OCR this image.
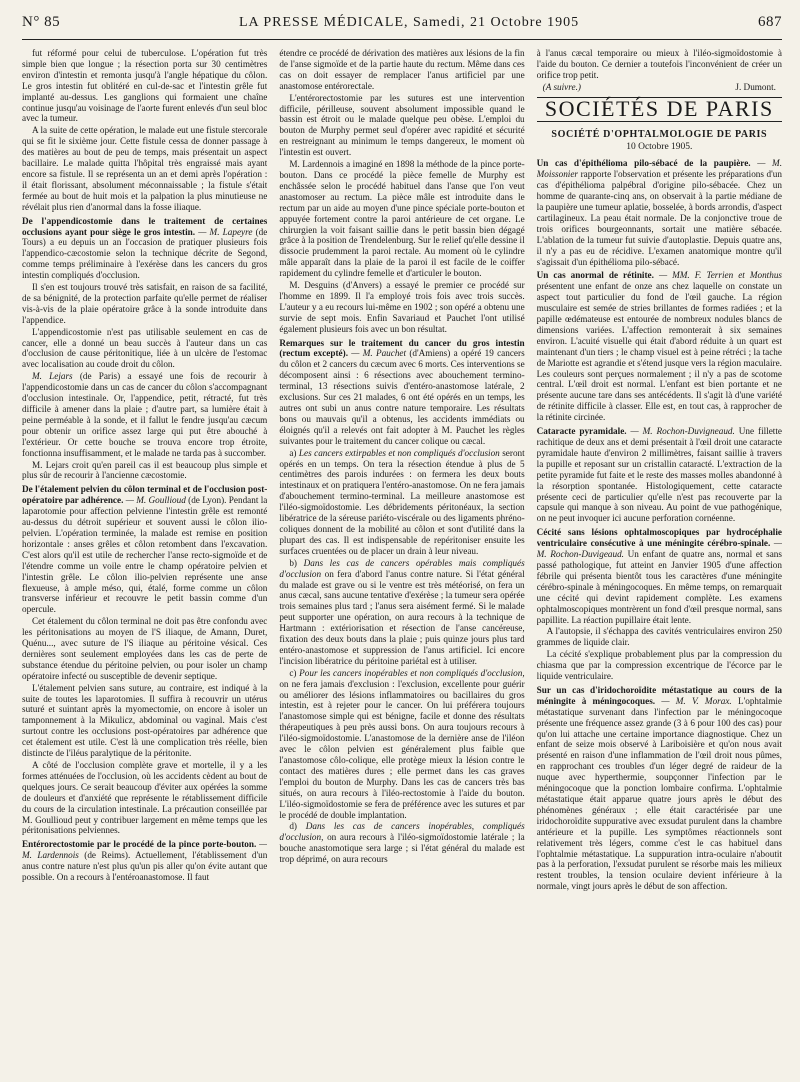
N° 85	LA PRESSE MÉDICALE, Samedi, 21 Octobre 1905	687

fut réformé pour celui de tuberculose. L'opération fut très simple bien que longue ; la résection porta sur 30 centimètres environ d'intestin et remonta jusqu'à l'angle hépatique du côlon. Le gros intestin fut oblitéré en cul-de-sac et l'intestin grêle fut implanté au-dessus. Les ganglions qui formaient une chaîne continue jusqu'au voisinage de l'aorte furent enlevés d'un seul bloc avec la tumeur.

A la suite de cette opération, le malade eut une fistule stercorale qui se fit le sixième jour. Cette fistule cessa de donner passage à des matières au bout de peu de temps, mais présentait un aspect bacillaire. Le malade quitta l'hôpital très engraissé mais ayant encore sa fistule. Il se représenta un an et demi après l'opération : il était florissant, absolument méconnaissable ; la fistule s'était fermée au bout de huit mois et la palpation la plus minutieuse ne révélait plus rien d'anormal dans la fosse iliaque.

De l'appendicostomie dans le traitement de certaines occlusions ayant pour siège le gros intestin. — M. Lapeyre (de Tours) a eu depuis un an l'occasion de pratiquer plusieurs fois l'appendico-cæcostomie selon la technique décrite de Segond, comme temps préliminaire à l'exérèse dans les cancers du gros intestin compliqués d'occlusion.

Il s'en est toujours trouvé très satisfait, en raison de sa facilité, de sa bénignité, de la protection parfaite qu'elle permet de réaliser vis-à-vis de la plaie opératoire grâce à la sonde introduite dans l'appendice.

L'appendicostomie n'est pas utilisable seulement en cas de cancer, elle a donné un beau succès à l'auteur dans un cas d'occlusion de cause péritonitique, liée à un ulcère de l'estomac avec localisation au coude droit du côlon.

M. Lejars (de Paris) a essayé une fois de recourir à l'appendicostomie dans un cas de cancer du côlon s'accompagnant d'occlusion intestinale. Or, l'appendice, petit, rétracté, fut très difficile à amener dans la plaie ; d'autre part, sa lumière était à peine perméable à la sonde, et il fallut le fendre jusqu'au cæcum pour obtenir un orifice assez large qui put être abouché à l'extérieur. Or cette bouche se trouva encore trop étroite, fonctionna insuffisamment, et le malade ne tarda pas à succomber.

M. Lejars croit qu'en pareil cas il est beaucoup plus simple et plus sûr de recourir à l'ancienne cæcostomie.

De l'étalement pelvien du côlon terminal et de l'occlusion post-opératoire par adhérence. — M. Goullioud (de Lyon). Pendant la laparotomie pour affection pelvienne l'intestin grêle est remonté au-dessus du détroit supérieur et souvent aussi le côlon ilio-pelvien. L'opération terminée, la malade est remise en position horizontale : anses grêles et côlon retombent dans l'excavation. C'est alors qu'il est utile de rechercher l'anse recto-sigmoïde et de l'étendre comme un voile entre le champ opératoire pelvien et l'intestin grêle. Le côlon ilio-pelvien représente une anse flexueuse, à ample méso, qui, étalé, forme comme un côlon transverse inférieur et recouvre le petit bassin comme d'un opercule.

Cet étalement du côlon terminal ne doit pas être confondu avec les péritonisations au moyen de l'S iliaque, de Amann, Duret, Quénu..., avec suture de l'S iliaque au péritoine vésical. Ces dernières sont seulement employées dans les cas de perte de substance étendue du péritoine pelvien, ou pour isoler un champ opératoire infecté ou susceptible de devenir septique.

L'étalement pelvien sans suture, au contraire, est indiqué à la suite de toutes les laparotomies. Il suffira à recouvrir un utérus suturé et suintant après la myomectomie, on encore à isoler un tamponnement à la Mikulicz, abdominal ou vaginal. Mais c'est surtout contre les occlusions post-opératoires par adhérence que cet étalement est utile. C'est là une complication très réelle, bien distincte de l'iléus paralytique de la péritonite.

A côté de l'occlusion complète grave et mortelle, il y a les formes atténuées de l'occlusion, où les accidents cèdent au bout de quelques jours. Ce serait beaucoup d'éviter aux opérées la somme de douleurs et d'anxiété que représente le rétablissement difficile du cours de la circulation intestinale. La précaution conseillée par M. Goullioud peut y contribuer largement en même temps que les péritonisations pelviennes.

Entérorectostomie par le procédé de la pince porte-bouton. — M. Lardennois (de Reims). Actuellement, l'établissement d'un anus contre nature n'est plus qu'un pis aller qu'on évite autant que possible. On a recours à l'entéroanastomose. Il faut

étendre ce procédé de dérivation des matières aux lésions de la fin de l'anse sigmoïde et de la partie haute du rectum. Même dans ces cas on doit essayer de remplacer l'anus artificiel par une anastomose entérorectale.

L'entérorectostomie par les sutures est une intervention difficile, périlleuse, souvent absolument impossible quand le bassin est étroit ou le malade quelque peu obèse. L'emploi du bouton de Murphy permet seul d'opérer avec rapidité et sécurité en restreignant au minimum le temps dangereux, le moment où l'intestin est ouvert.

M. Lardennois a imaginé en 1898 la méthode de la pince porte-bouton. Dans ce procédé la pièce femelle de Murphy est enchâssée selon le procédé habituel dans l'anse que l'on veut anastomoser au rectum. La pièce mâle est introduite dans le rectum par un aide au moyen d'une pince spéciale porte-bouton et appuyée fortement contre la paroi antérieure de cet organe. Le chirurgien la voit faisant saillie dans le petit bassin bien dégagé grâce à la position de Trendelenburg. Sur le relief qu'elle dessine il dissocie prudemment la paroi rectale. Au moment où le cylindre mâle apparaît dans la plaie de la paroi il est facile de le coiffer rapidement du cylindre femelle et d'articuler le bouton.

M. Desguins (d'Anvers) a essayé le premier ce procédé sur l'homme en 1899. Il l'a employé trois fois avec trois succès. L'auteur y a eu recours lui-même en 1902 ; son opéré a obtenu une survie de sept mois. Enfin Savariaud et Pauchet l'ont utilisé également plusieurs fois avec un bon résultat.

Remarques sur le traitement du cancer du gros intestin (rectum excepté). — M. Pauchet (d'Amiens) a opéré 19 cancers du côlon et 2 cancers du cæcum avec 6 morts. Ces interventions se décomposent ainsi : 6 résections avec abouchement termino-terminal, 13 résections suivis d'entéro-anastomose latérale, 2 exclusions. Sur ces 21 malades, 6 ont été opérés en un temps, les autres ont subi un anus contre nature temporaire. Les résultats bons ou mauvais qu'il a obtenus, les accidents immédiats ou éloignés qu'il a relevés ont fait adopter à M. Pauchet les règles suivantes pour le traitement du cancer colique ou cæcal.

a) Les cancers extirpables et non compliqués d'occlusion seront opérés en un temps. On tera la résection étendue à plus de 5 centimètres des parois indurées : on fermera les deux bouts intestinaux et on pratiquera l'entéro-anastomose. On ne fera jamais d'abouchement termino-terminal. La meilleure anastomose est l'iléo-sigmoïdostomie. Les débridements péritonéaux, la section libératrice de la séreuse pariéto-viscérale ou des ligaments phréno-coliques donnent de la mobilité au côlon et sont d'utilité dans la plupart des cas. Il est indispensable de repéritoniser ensuite les surfaces cruentées ou de placer un drain à leur niveau.

b) Dans les cas de cancers opérables mais compliqués d'occlusion on fera d'abord l'anus contre nature. Si l'état général du malade est grave ou si le ventre est très météorisé, on fera un anus cæcal, sans aucune tentative d'exérèse ; la tumeur sera opérée trois semaines plus tard ; l'anus sera aisément fermé. Si le malade peut supporter une opération, on aura recours à la technique de Hartmann : extériorisation et résection de l'anse cancéreuse, fixation des deux bouts dans la plaie ; puis quinze jours plus tard entéro-anastomose et suppression de l'anus artificiel. Ici encore l'incision libératrice du péritoine pariétal est à utiliser.

c) Pour les cancers inopérables et non compliqués d'occlusion, on ne fera jamais d'exclusion : l'exclusion, excellente pour guérir ou améliorer des lésions inflammatoires ou bacillaires du gros intestin, est à rejeter pour le cancer. On lui préférera toujours l'anastomose simple qui est bénigne, facile et donne des résultats thérapeutiques à peu près aussi bons. On aura toujours recours à l'iléo-sigmoïdostomie. L'anastomose de la dernière anse de l'iléon avec le côlon pelvien est généralement plus faible que l'anastomose côlo-colique, elle protège mieux la lésion contre le contact des matières dures ; elle permet dans les cas graves l'emploi du bouton de Murphy. Dans les cas de cancers très bas situés, on aura recours à l'iléo-rectostomie à l'aide du bouton. L'iléo-sigmoïdostomie se fera de préférence avec les sutures et par le procédé de double implantation.

d) Dans les cas de cancers inopérables, compliqués d'occlusion, on aura recours à l'iléo-sigmoïdostomie latérale ; la bouche anastomotique sera large ; si l'état général du malade est trop déprimé, on aura recours

à l'anus cæcal temporaire ou mieux à l'iléo-sigmoïdostomie à l'aide du bouton. Ce dernier a toutefois l'inconvénient de créer un orifice trop petit.

(A suivre.)	J. Dumont.
SOCIÉTÉS DE PARIS
SOCIÉTÉ D'OPHTALMOLOGIE DE PARIS
10 Octobre 1905.

Un cas d'épithélioma pilo-sébacé de la paupière. — M. Moissonier rapporte l'observation et présente les préparations d'un cas d'épithélioma palpébral d'origine pilo-sébacée. Chez un homme de quarante-cinq ans, on observait à la partie médiane de la paupière une tumeur aplatie, bosselée, à bords arrondis, d'aspect cartilagineux. La peau était normale. De la conjonctive troue de trois orifices bourgeonnants, sortait une matière sébacée. L'ablation de la tumeur fut suivie d'autoplastie. Depuis quatre ans, il n'y a pas eu de récidive. L'examen anatomique montre qu'il s'agissait d'un épithélioma pilo-sébacé.

Un cas anormal de rétinite. — MM. F. Terrien et Monthus présentent une enfant de onze ans chez laquelle on constate un aspect tout particulier du fond de l'œil gauche. La région musculaire est semée de stries brillantes de formes radiées ; et la papille œdémateuse est entourée de nombreux nodules blancs de dimensions variées. L'affection remonterait à six semaines environ. L'acuité visuelle qui était d'abord réduite à un quart est maintenant d'un tiers ; le champ visuel est à peine rétréci ; la tache de Mariotte est agrandie et s'étend jusque vers la région maculaire. Les couleurs sont perçues normalement ; il n'y a pas de scotome central. L'œil droit est normal. L'enfant est bien portante et ne présente aucune tare dans ses antécédents. Il s'agit là d'une variété de rétinite difficile à classer. Elle est, en tout cas, à rapprocher de la rétinite circinée.

Cataracte pyramidale. — M. Rochon-Duvigneaud. Une fillette rachitique de deux ans et demi présentait à l'œil droit une cataracte pyramidale haute d'environ 2 millimètres, faisant saillie à travers la pupille et reposant sur un cristallin cataracté. L'extraction de la petite pyramide fut faite et le reste des masses molles abandonné à la résorption spontanée. Histologiquement, cette cataracte présente ceci de particulier qu'elle n'est pas recouverte par la capsule qui manque à son niveau. Au point de vue pathogénique, on ne peut invoquer ici aucune perforation cornéenne.

Cécité sans lésions ophtalmoscopiques par hydrocéphalie ventriculaire consécutive à une méningite cérébro-spinale. — M. Rochon-Duvigeaud. Un enfant de quatre ans, normal et sans passé pathologique, fut atteint en Janvier 1905 d'une affection fébrile qui présenta bientôt tous les caractères d'une méningite cérébro-spinale à méningocoques. En même temps, on remarquait une cécité qui devint rapidement complète. Les examens ophtalmoscopiques montrèrent un fond d'œil presque normal, sans papillite. La réaction pupillaire était lente.

A l'autopsie, il s'échappa des cavités ventriculaires environ 250 grammes de liquide clair.

La cécité s'explique probablement plus par la compression du chiasma que par la compression excentrique de l'écorce par le liquide ventriculaire.

Sur un cas d'iridochoroïdite métastatique au cours de la méningite à méningocoques. — M. V. Morax. L'ophtalmie métastatique survenant dans l'infection par le méningocoque présente une fréquence assez grande (3 à 6 pour 100 des cas) pour qu'on lui attache une certaine importance diagnostique. Chez un enfant de seize mois observé à Lariboisière et qu'on nous avait présenté en raison d'une inflammation de l'œil droit nous pûmes, en rapprochant ces troubles d'un léger degré de raideur de la nuque avec hyperthermie, soupçonner l'infection par le méningocoque que la ponction lombaire confirma. L'ophtalmie métastatique était apparue quatre jours après le début des phénomènes généraux ; elle était caractérisée par une iridochoroïdite suppurative avec exsudat purulent dans la chambre antérieure et la pupille. Les symptômes réactionnels sont relativement très légers, comme c'est le cas habituel dans l'ophtalmie métastatique. La suppuration intra-oculaire n'aboutit pas à la perforation, l'exsudat purulent se résorbe mais les milieux restent troubles, la tension oculaire devient inférieure à la normale, vingt jours après le début de son affection.
